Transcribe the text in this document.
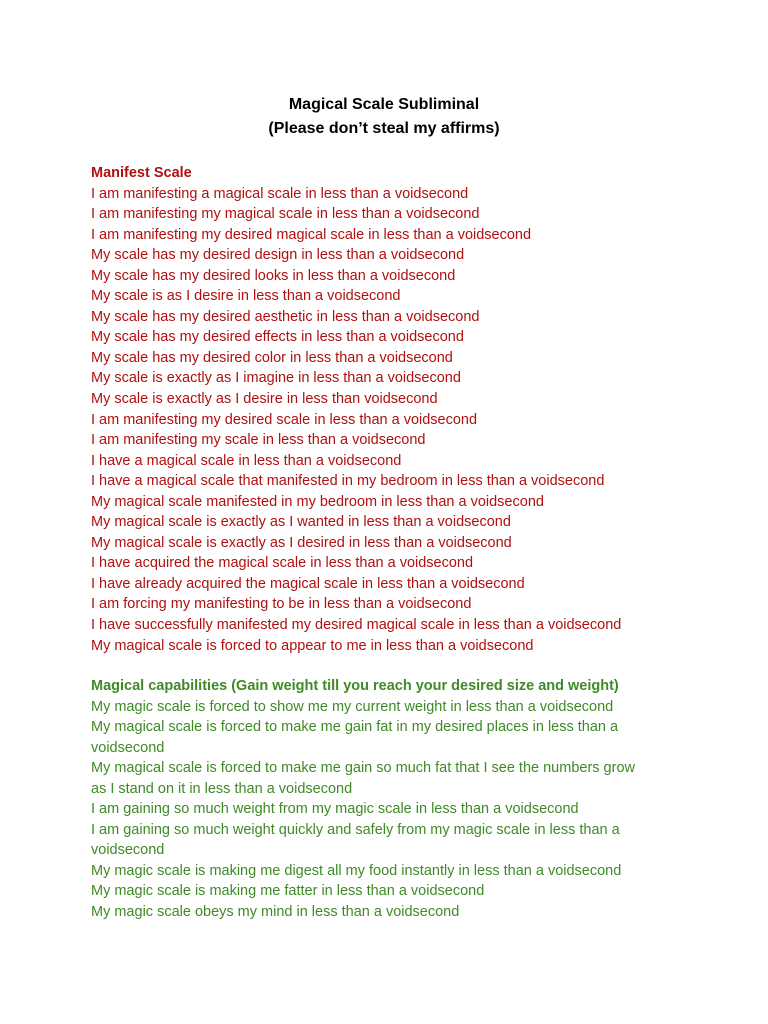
Magical Scale Subliminal
(Please don’t steal my affirms)
Manifest Scale
I am manifesting a magical scale in less than a voidsecond
I am manifesting my magical scale in less than a voidsecond
I am manifesting my desired magical scale in less than a voidsecond
My scale has my desired design in less than a voidsecond
My scale has my desired looks in less than a voidsecond
My scale is as I desire in less than a voidsecond
My scale has my desired aesthetic in less than a voidsecond
My scale has my desired effects in less than a voidsecond
My scale has my desired color in less than a voidsecond
My scale is exactly as I imagine in less than a voidsecond
My scale is exactly as I desire in less than voidsecond
I am manifesting my desired scale in less than a voidsecond
I am manifesting my scale in less than a voidsecond
I have a magical scale in less than a voidsecond
I have a magical scale that manifested in my bedroom in less than a voidsecond
My magical scale manifested in my bedroom in less than a voidsecond
My magical scale is exactly as I wanted in less than a voidsecond
My magical scale is exactly as I desired in less than a voidsecond
I have acquired the magical scale in less than a voidsecond
I have already acquired the magical scale in less than a voidsecond
I am forcing my manifesting to be in less than a voidsecond
I have successfully manifested my desired magical scale in less than a voidsecond
My magical scale is forced to appear to me in less than a voidsecond
Magical capabilities (Gain weight till you reach your desired size and weight)
My magic scale is forced to show me my current weight in less than a voidsecond
My magical scale is forced to make me gain fat in my desired places in less than a voidsecond
My magical scale is forced to make me gain so much fat that I see the numbers grow as I stand on it in less than a voidsecond
I am gaining so much weight from my magic scale in less than a voidsecond
I am gaining so much weight quickly and safely from my magic scale in less than a voidsecond
My magic scale is making me digest all my food instantly in less than a voidsecond
My magic scale is making me fatter in less than a voidsecond
My magic scale obeys my mind in less than a voidsecond
